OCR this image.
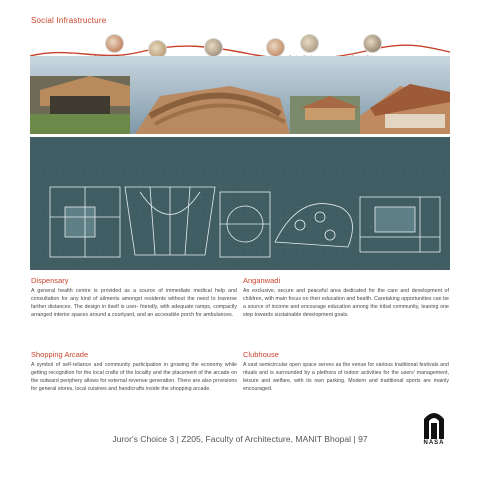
Social Infrastructure
Dispensary
A general health centre is provided as a source of immediate medical help and consultation for any kind of ailments amongst residents without the need to traverse farther distances. The design in itself is user- friendly, with adequate ramps, compactly arranged interior spaces around a courtyard, and an accessible porch for ambulances.
Anganwadi
An exclusive, secure and peaceful area dedicated for the care and development of children, with main focus on their education and health. Caretaking opportunities can be a source of income and encourage education among the tribal community, leaning one step towards sustainable development goals.
Shopping Arcade
A symbol of self-reliance and community participation in growing the economy while getting recognition for the local crafts of the locality and the placement of the arcade on the outward periphery allows for external revenue generation. There are also provisions for general stores, local cuisines and handicrafts inside the shopping arcade.
Clubhouse
A vast semicircular open space serves as the venue for various traditional festivals and rituals and is surrounded by a plethora of indoor activities for the users' management, leisure and welfare, with its own parking. Modern and traditional sports are mainly encouraged.
Juror's Choice 3 | Z205, Faculty of Architecture, MANIT Bhopal | 97	NASA
